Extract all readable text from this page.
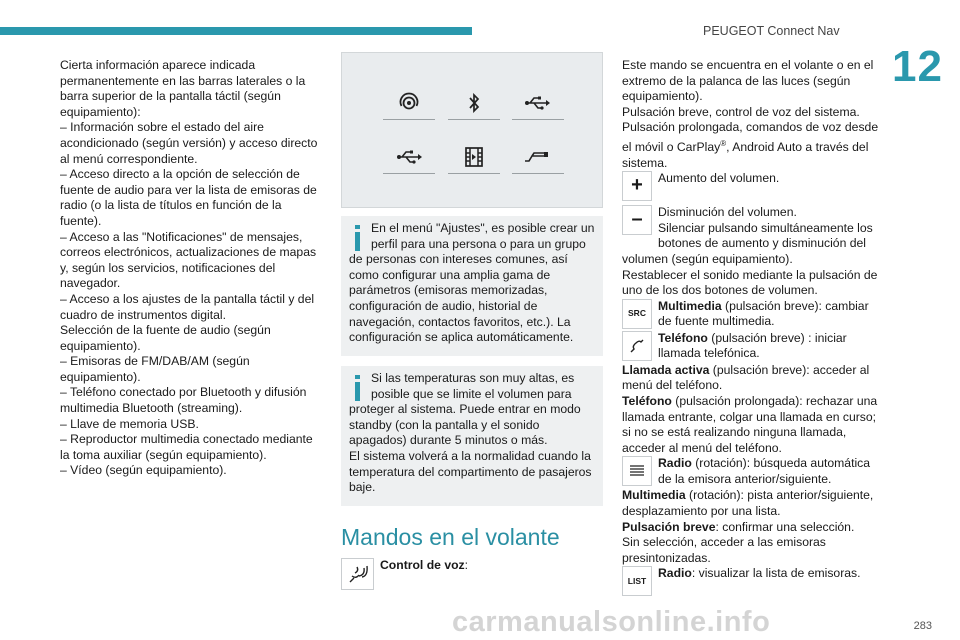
PEUGEOT Connect Nav
12

Cierta información aparece indicada permanentemente en las barras laterales o la barra superior de la pantalla táctil (según equipamiento):

– Información sobre el estado del aire acondicionado (según versión) y acceso directo al menú correspondiente.

– Acceso directo a la opción de selección de fuente de audio para ver la lista de emisoras de radio (o la lista de títulos en función de la fuente).

– Acceso a las "Notificaciones" de mensajes, correos electrónicos, actualizaciones de mapas y, según los servicios, notificaciones del navegador.

– Acceso a los ajustes de la pantalla táctil y del cuadro de instrumentos digital.

Selección de la fuente de audio (según equipamiento).

– Emisoras de FM/DAB/AM (según equipamiento).

– Teléfono conectado por Bluetooth y difusión multimedia Bluetooth (streaming).

– Llave de memoria USB.

– Reproductor multimedia conectado mediante la toma auxiliar (según equipamiento).

– Vídeo (según equipamiento).

En el menú "Ajustes", es posible crear un perfil para una persona o para un grupo de personas con intereses comunes, así como configurar una amplia gama de parámetros (emisoras memorizadas, configuración de audio, historial de navegación, contactos favoritos, etc.). La configuración se aplica automáticamente.
Si las temperaturas son muy altas, es posible que se limite el volumen para proteger al sistema. Puede entrar en modo standby (con la pantalla y el sonido apagados) durante 5 minutos o más.
El sistema volverá a la normalidad cuando la temperatura del compartimento de pasajeros baje.
Mandos en el volante
Control de voz:

Este mando se encuentra en el volante o en el extremo de la palanca de las luces (según equipamiento).

Pulsación breve, control de voz del sistema.

Pulsación prolongada, comandos de voz desde el móvil o CarPlay®, Android Auto a través del sistema.

+ Aumento del volumen.
– Disminución del volumen.
Silenciar pulsando simultáneamente los botones de aumento y disminución del volumen (según equipamiento).

Restablecer el sonido mediante la pulsación de uno de los dos botones de volumen.

SRC
Multimedia (pulsación breve): cambiar de fuente multimedia.
Teléfono (pulsación breve) : iniciar llamada telefónica.

Llamada activa (pulsación breve): acceder al menú del teléfono.

Teléfono (pulsación prolongada): rechazar una llamada entrante, colgar una llamada en curso; si no se está realizando ninguna llamada, acceder al menú del teléfono.

Radio (rotación): búsqueda automática de la emisora anterior/siguiente.

Multimedia (rotación): pista anterior/siguiente, desplazamiento por una lista.

Pulsación breve: confirmar una selección.

Sin selección, acceder a las emisoras presintonizadas.

LIST
Radio: visualizar la lista de emisoras.
carmanualsonline.info	283
